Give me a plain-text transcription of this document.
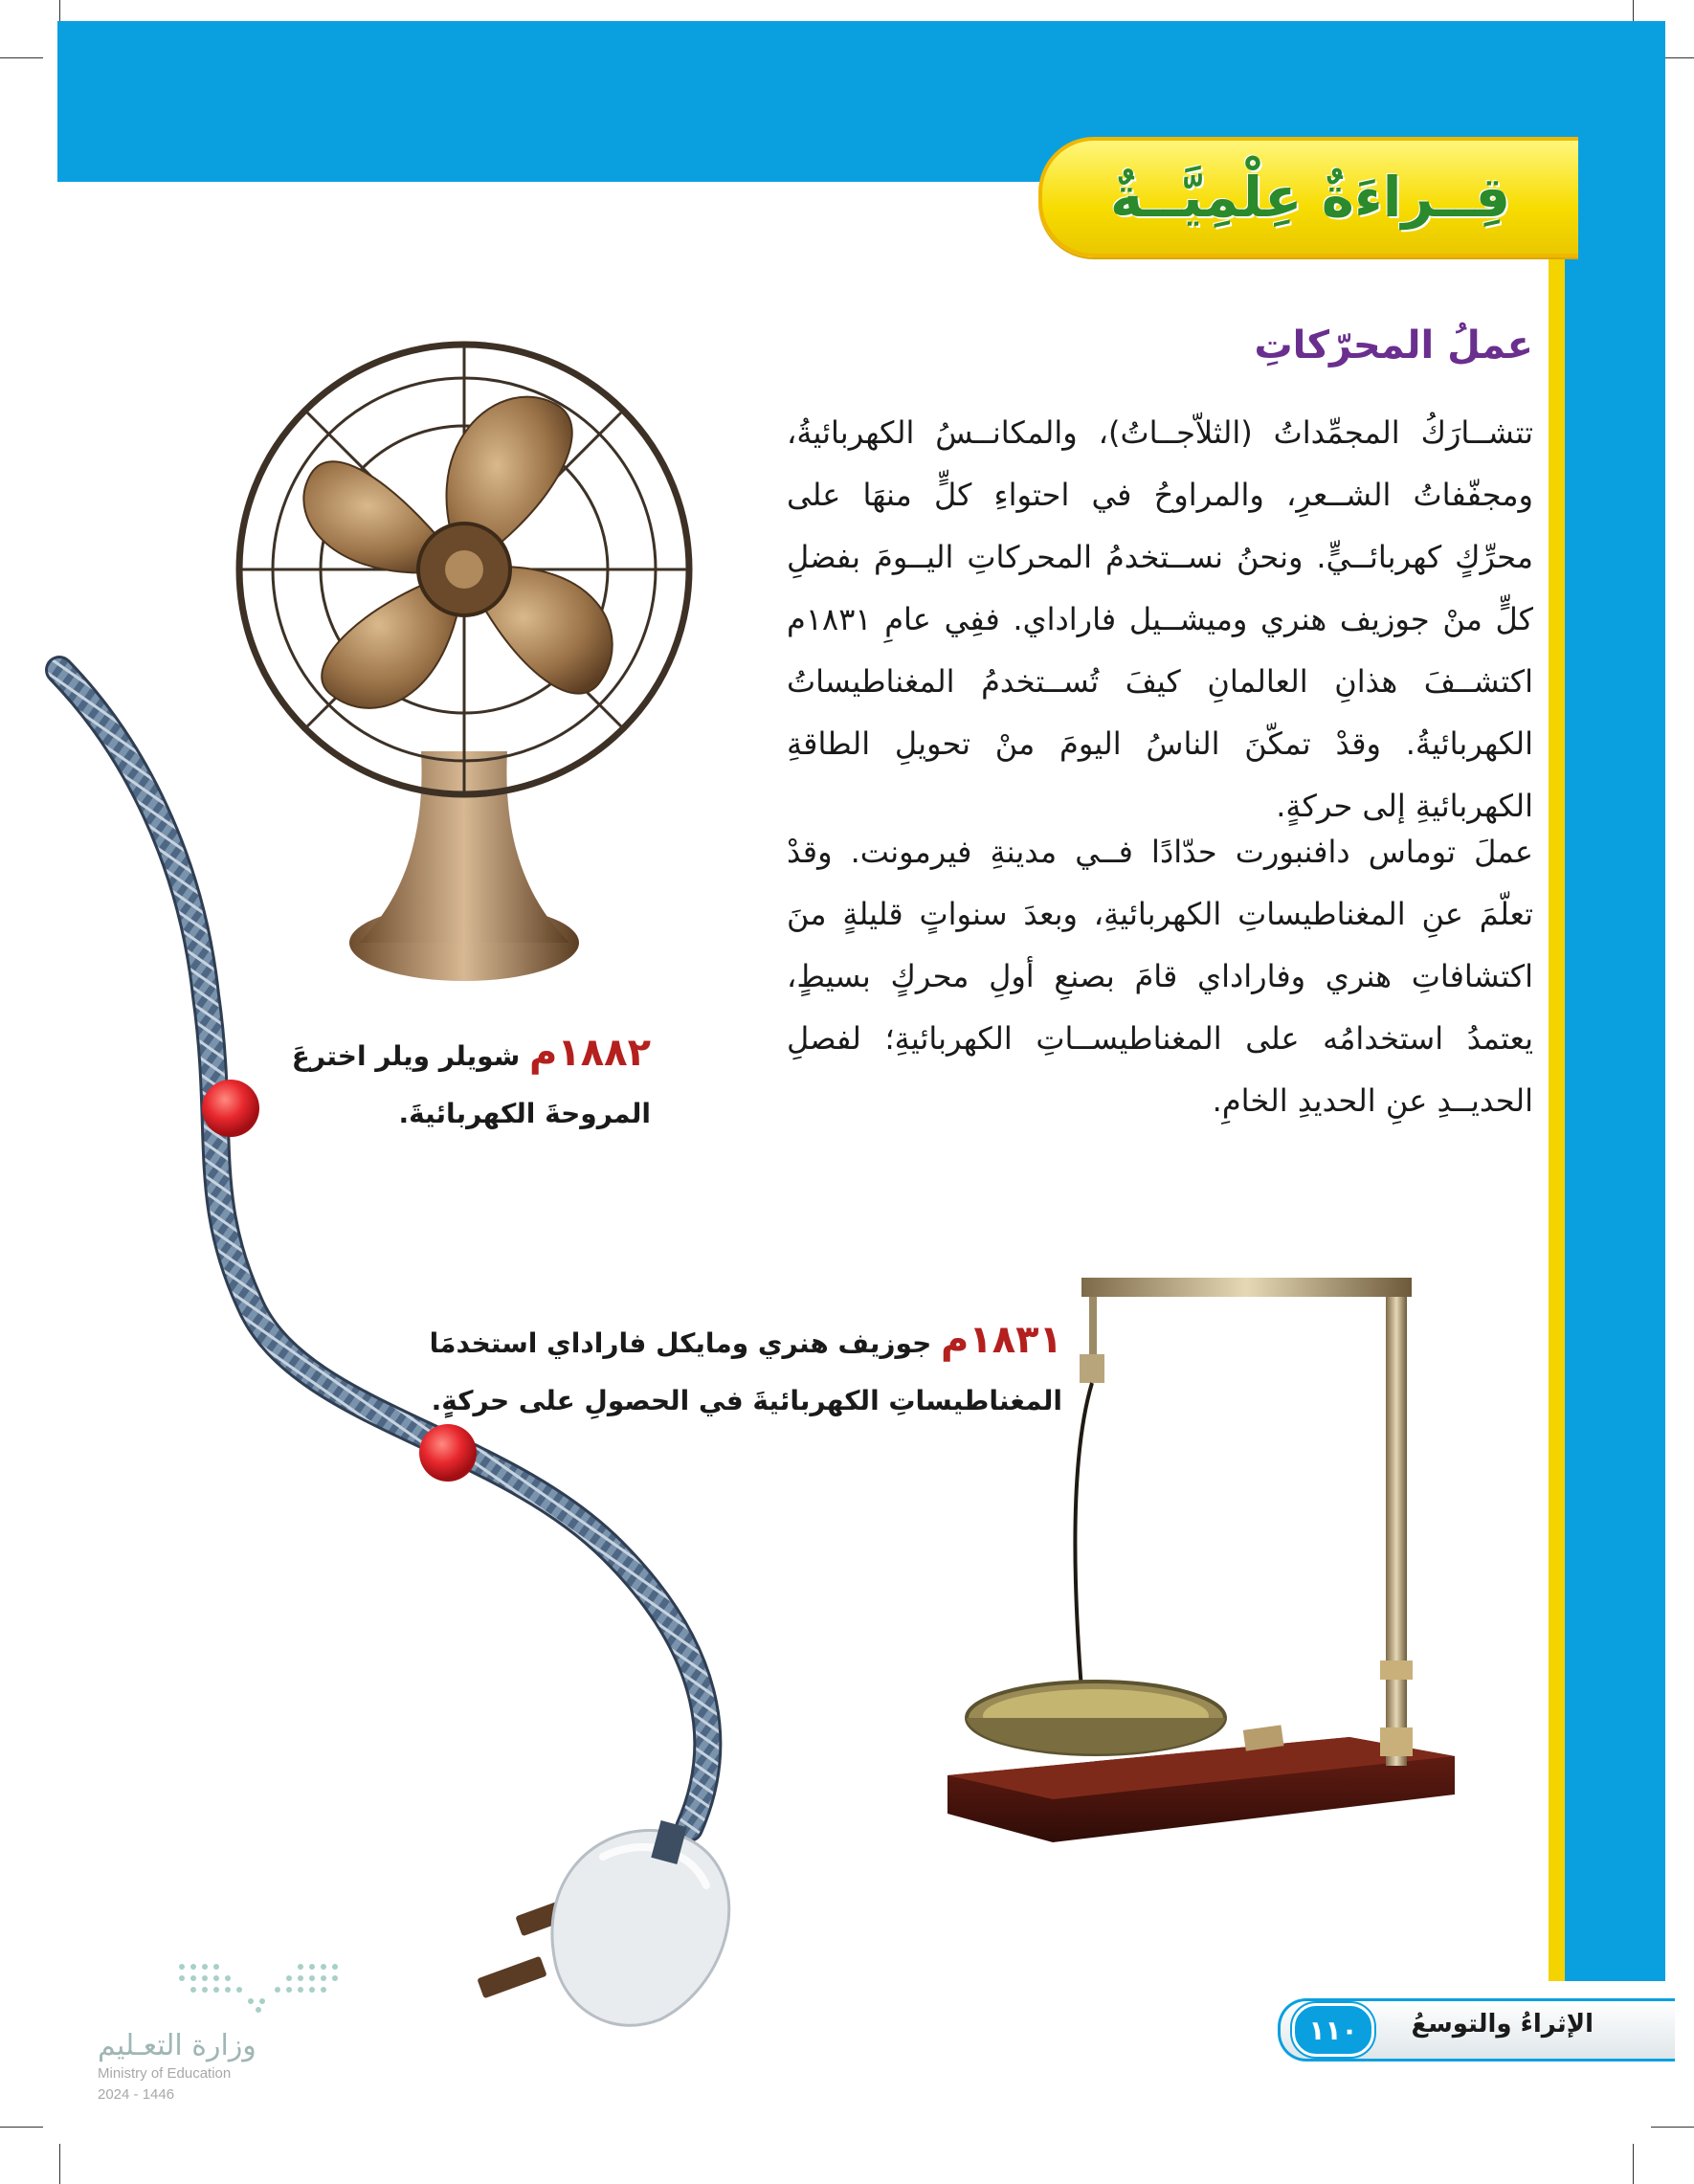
قِــراءَةٌ عِلْمِيَّــةٌ
عملُ المحرّكاتِ
تتشــارَكُ المجمِّداتُ (الثلاّجــاتُ)، والمكانــسُ الكهربائيةُ، ومجفّفاتُ الشــعرِ، والمراوحُ في احتواءِ كلٍّ منهَا على محرِّكٍ كهربائــيٍّ. ونحنُ نســتخدمُ المحركاتِ اليــومَ بفضلِ كلٍّ منْ جوزيف هنري وميشــيل فاراداي. ففِي عامِ ١٨٣١م اكتشــفَ هذانِ العالمانِ كيفَ تُســتخدمُ المغناطيساتُ الكهربائيةُ. وقدْ تمكّنَ الناسُ اليومَ منْ تحويلِ الطاقةِ الكهربائيةِ إلى حركةٍ.
عملَ توماس دافنبورت حدّادًا فــي مدينةِ فيرمونت. وقدْ تعلّمَ عنِ المغناطيساتِ الكهربائيةِ، وبعدَ سنواتٍ قليلةٍ منَ اكتشافاتِ هنري وفاراداي قامَ بصنعِ أولِ محركٍ بسيطٍ، يعتمدُ استخدامُه على المغناطيســاتِ الكهربائيةِ؛ لفصلِ الحديــدِ عنِ الحديدِ الخامِ.
١٨٨٢م شويلر ويلر اخترعَ
المروحةَ الكهربائيةَ.
١٨٣١م جوزيف هنري ومايكل فاراداي استخدمَا
المغناطيساتِ الكهربائيةَ في الحصولِ على حركةٍ.
الإثراءُ والتوسعُ
١١٠
وزارة التعـليم
Ministry of Education
2024 - 1446
